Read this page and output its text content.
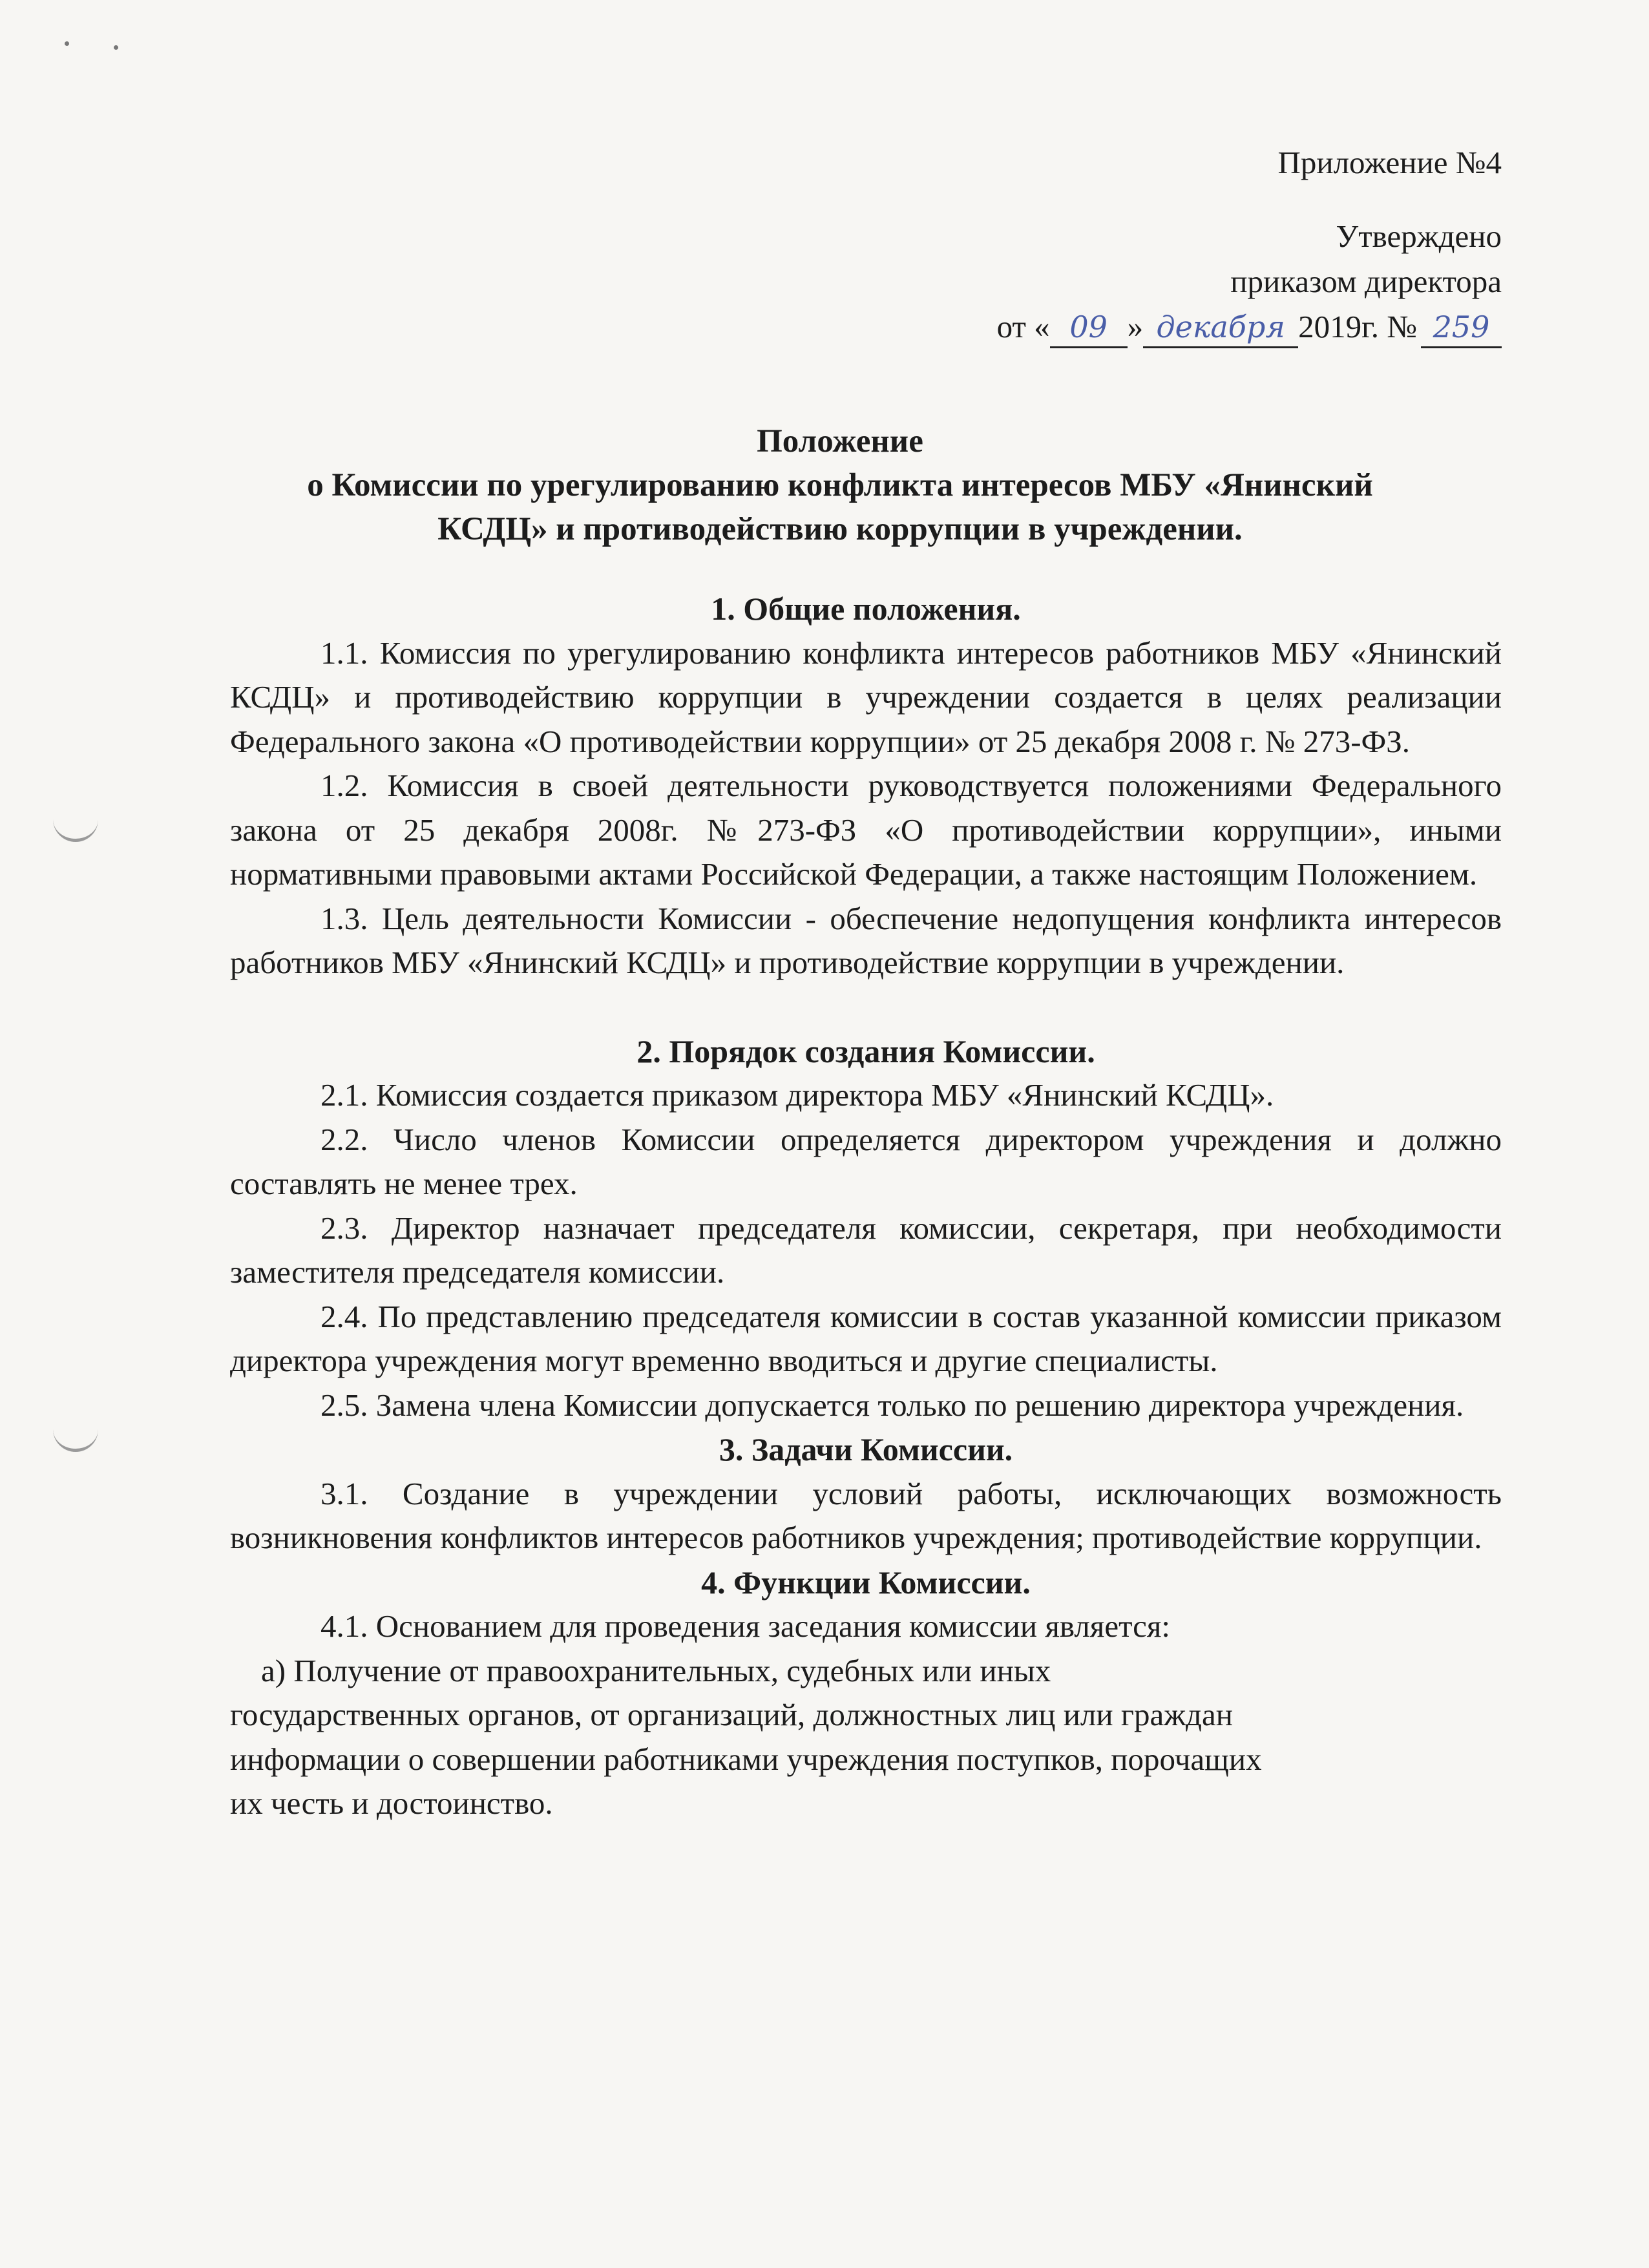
Приложение №4
Утверждено
приказом директора
от « 09 » декабря 2019г. № 259
Положение
о Комиссии по урегулированию конфликта интересов МБУ «Янинский
КСДЦ» и противодействию коррупции в учреждении.
1. Общие положения.

1.1. Комиссия по урегулированию конфликта интересов работников МБУ «Янинский КСДЦ» и противодействию коррупции в учреждении создается в целях реализации Федерального закона «О противодействии коррупции» от 25 декабря 2008 г. № 273-ФЗ.

1.2. Комиссия в своей деятельности руководствуется положениями Федерального закона от 25 декабря 2008г. №273-ФЗ «О противодействии коррупции», иными нормативными правовыми актами Российской Федерации, а также настоящим Положением.

1.3. Цель деятельности Комиссии - обеспечение недопущения конфликта интересов работников МБУ «Янинский КСДЦ» и противодействие коррупции в учреждении.

2. Порядок создания Комиссии.

2.1. Комиссия создается приказом директора МБУ «Янинский КСДЦ».

2.2. Число членов Комиссии определяется директором учреждения и должно составлять не менее трех.

2.3. Директор назначает председателя комиссии, секретаря, при необходимости заместителя председателя комиссии.

2.4. По представлению председателя комиссии в состав указанной комиссии приказом директора учреждения могут временно вводиться и другие специалисты.

2.5. Замена члена Комиссии допускается только по решению директора учреждения.

3. Задачи Комиссии.

3.1. Создание в учреждении условий работы, исключающих возможность возникновения конфликтов интересов работников учреждения; противодействие коррупции.

4. Функции Комиссии.

4.1. Основанием для проведения заседания комиссии является:

а) Получение от правоохранительных, судебных или иных

государственных органов, от организаций, должностных лиц или граждан

информации о совершении работниками учреждения поступков, порочащих

их честь и достоинство.
